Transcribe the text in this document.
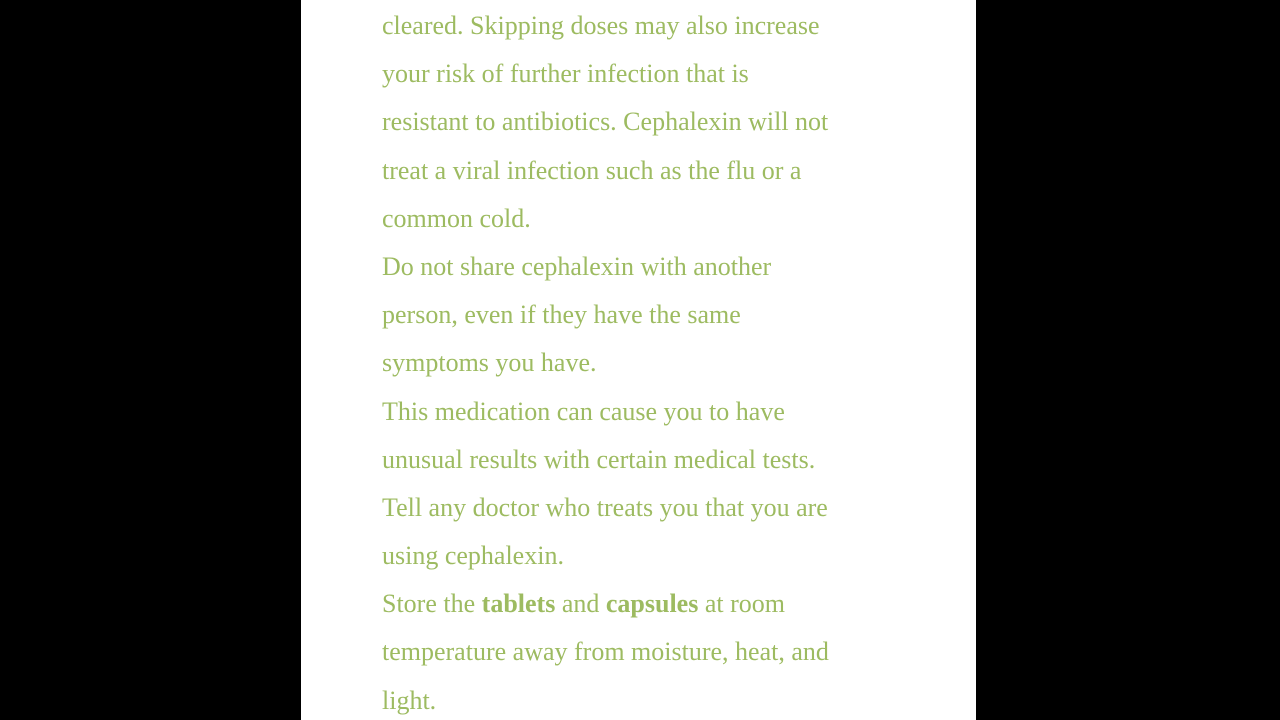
cleared. Skipping doses may also increase
your risk of further infection that is
resistant to antibiotics. Cephalexin will not
treat a viral infection such as the flu or a
common cold.
Do not share cephalexin with another
person, even if they have the same
symptoms you have.
This medication can cause you to have
unusual results with certain medical tests.
Tell any doctor who treats you that you are
using cephalexin.
Store the tablets and capsules at room
temperature away from moisture, heat, and
light.
